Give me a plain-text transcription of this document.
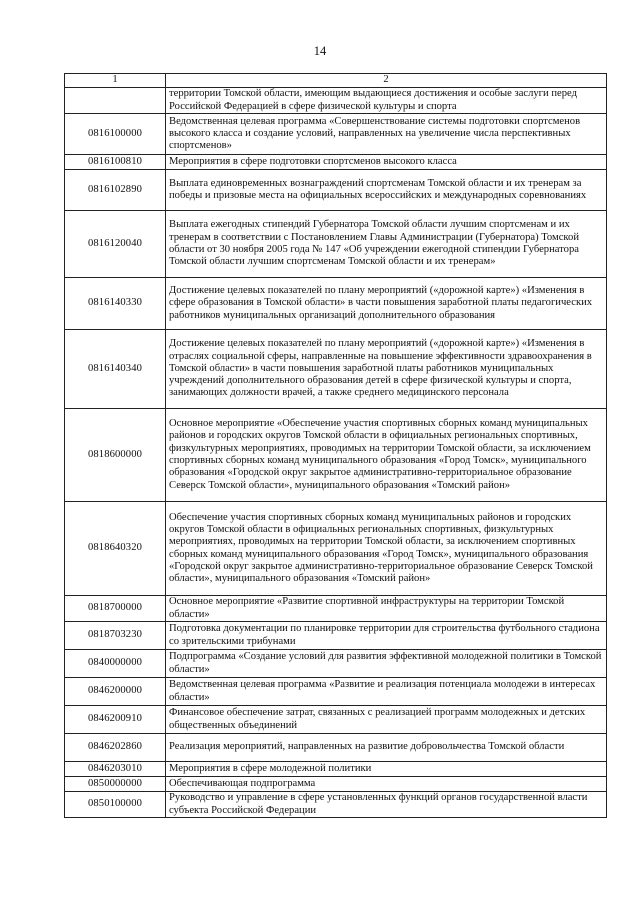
14
1	2
	территории Томской области, имеющим выдающиеся достижения и особые заслуги перед Российской Федерацией в сфере физической культуры и спорта
0816100000	Ведомственная целевая программа «Совершенствование системы подготовки спортсменов высокого класса и создание условий, направленных на увеличение числа перспективных спортсменов»
0816100810	Мероприятия в сфере подготовки спортсменов высокого класса
0816102890	Выплата единовременных вознаграждений спортсменам Томской области и их тренерам за победы и призовые места на официальных всероссийских и международных соревнованиях
0816120040	Выплата ежегодных стипендий Губернатора Томской области лучшим спортсменам и их тренерам в соответствии с Постановлением Главы Администрации (Губернатора) Томской области от 30 ноября 2005 года № 147 «Об учреждении ежегодной стипендии Губернатора Томской области лучшим спортсменам Томской области и их тренерам»
0816140330	Достижение целевых показателей по плану мероприятий («дорожной карте») «Изменения в сфере образования в Томской области» в части повышения заработной платы педагогических работников муниципальных организаций дополнительного образования
0816140340	Достижение целевых показателей по плану мероприятий («дорожной карте») «Изменения в отраслях социальной сферы, направленные на повышение эффективности здравоохранения в Томской области» в части повышения заработной платы работников муниципальных учреждений дополнительного образования детей в сфере физической культуры и спорта, занимающих должности врачей, а также среднего медицинского персонала
0818600000	Основное мероприятие «Обеспечение участия спортивных сборных команд муниципальных районов и городских округов Томской области в официальных региональных спортивных, физкультурных мероприятиях, проводимых на территории Томской области, за исключением спортивных сборных команд муниципального образования «Город Томск», муниципального образования «Городской округ закрытое административно-территориальное образование Северск Томской области», муниципального образования «Томский район»
0818640320	Обеспечение участия спортивных сборных команд муниципальных районов и городских округов Томской области в официальных региональных спортивных, физкультурных мероприятиях, проводимых на территории Томской области, за исключением спортивных сборных команд муниципального образования «Город Томск», муниципального образования «Городской округ закрытое административно-территориальное образование Северск Томской области», муниципального образования «Томский район»
0818700000	Основное мероприятие «Развитие спортивной инфраструктуры на территории Томской области»
0818703230	Подготовка документации по планировке территории для строительства футбольного стадиона со зрительскими трибунами
0840000000	Подпрограмма «Создание условий для развития эффективной молодежной политики в Томской области»
0846200000	Ведомственная целевая программа «Развитие и реализация потенциала молодежи в интересах области»
0846200910	Финансовое обеспечение затрат, связанных с реализацией программ молодежных и детских общественных объединений
0846202860	Реализация мероприятий, направленных на развитие добровольчества Томской области
0846203010	Мероприятия в сфере молодежной политики
0850000000	Обеспечивающая подпрограмма
0850100000	Руководство и управление в сфере установленных функций органов государственной власти субъекта Российской Федерации
